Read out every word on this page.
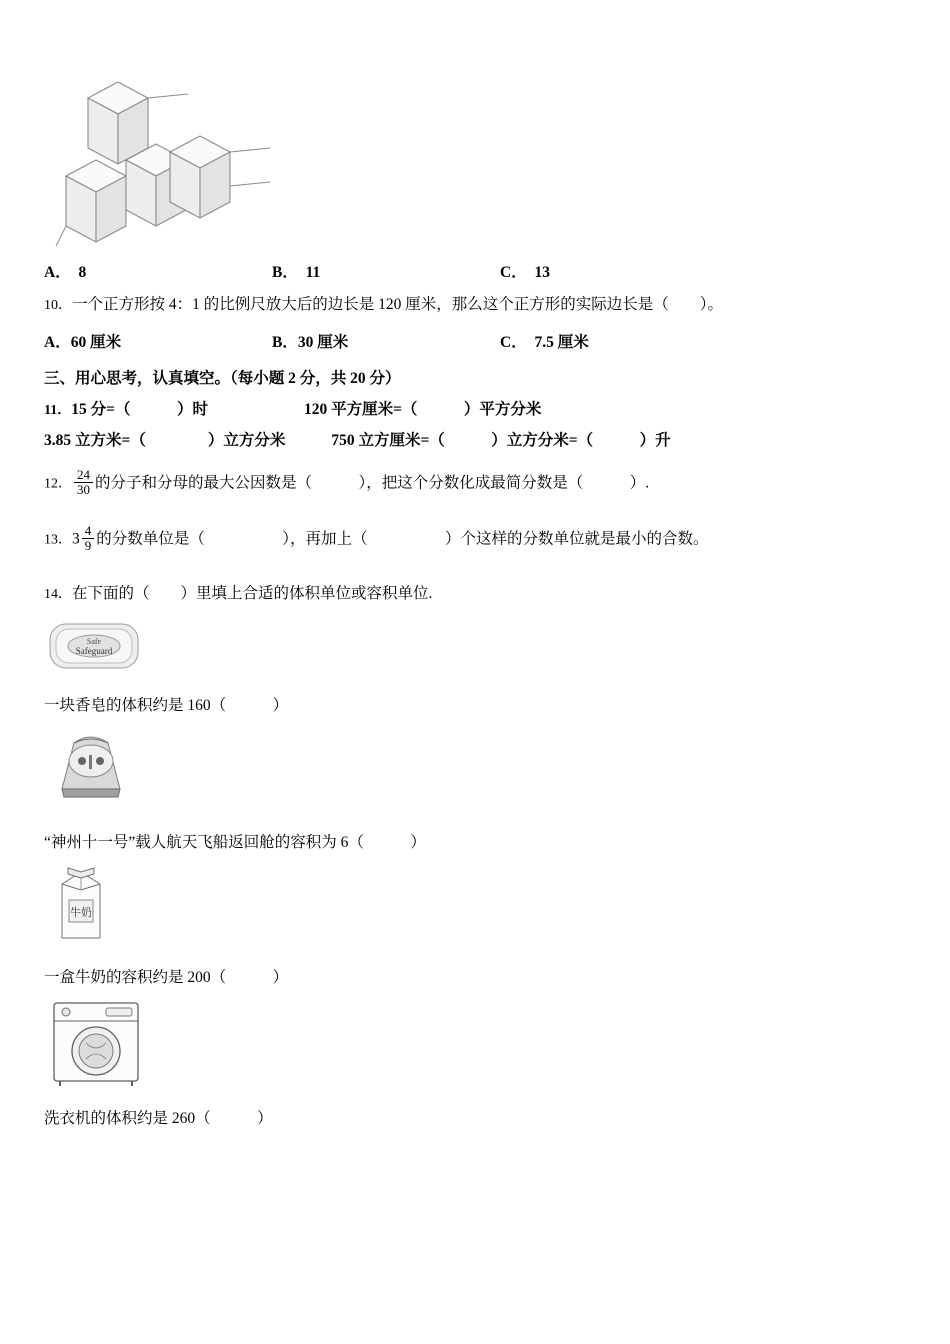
A．　 8	B．　 11	C．　 13
10．一个正方形按 4：1 的比例尺放大后的边长是 120 厘米，那么这个正方形的实际边长是（　　）。
A．60 厘米	B．30 厘米	C．　 7.5 厘米
三、用心思考，认真填空。（每小题 2 分，共 20 分）
11．15 分=（　　　）时	120 平方厘米=（　　　）平方分米
3.85 立方米=（　　　　）立方分米	750 立方厘米=（　　　）立方分米=（　　　）升
12． $\frac{24}{30}$ 的分子和分母的最大公因数是（　　　），把这个分数化成最简分数是（　　　）.
13．$3 \frac{4}{9}$ 的分数单位是（　　　　　），再加上（　　　　　）个这样的分数单位就是最小的合数。
14．在下面的（　　）里填上合适的体积单位或容积单位.
Safe
Safeguard
一块香皂的体积约是 160（　　　）
“神州十一号”载人航天飞船返回舱的容积为 6（　　　）
牛奶
一盒牛奶的容积约是 200（　　　）
洗衣机的体积约是 260（　　　）
